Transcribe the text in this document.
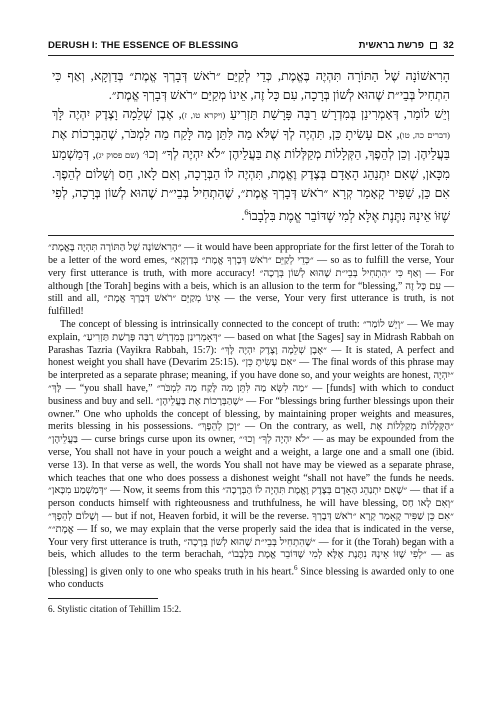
DERUSH I: THE ESSENCE OF BLESSING	פרשת בראשית 32

הָרִאשׁוֹנָה שֶׁל הַתּוֹרָה תִּהְיֶה בֶּאֱמֶת, כְּדֵי לְקַיֵּם ״רֹאשׁ דְּבָרְךָ אֱמֶת״ בְּדַוְקָא, וְאַף כִּי הִתְחִיל בְּבֵי״ת שֶׁהוּא לְשׁוֹן בְּרָכָה, עִם כָּל זֶה, אֵינוֹ מְקַיֵּם ״רֹאשׁ דְּבָרְךָ אֱמֶת״.

וְיֵשׁ לוֹמַר, דְּאָמְרִינַן בְּמִדְרָשׁ רַבָּה פָּרָשַׁת תַּזְרִיעַ (ויקרא טו, ז), אֶבֶן שְׁלֵמָה וָצֶדֶק יִהְיֶה לָּךְ (דברים כה, טו), אִם עָשִׂיתָ כֵּן, תִּהְיֶה לְךָ שֶׁלֹּא מַה לִּתֵּן מַה לָּקַח מַה לִמְכֹּר, שֶׁהַבְּרָכוֹת אֶת בַּעֲלֵיהֶן. וְכֵן לְהֵפֶךְ, הַקְּלָלוֹת מְקַלְּלוֹת אֶת בַּעֲלֵיהֶן ״לֹא יִהְיֶה לְךָ״ וְכוּ׳ (שם פסוק יג), דְּמַשְׁמַע מִכָּאן, שֶׁאִם יִתְנַהֵג הָאָדָם בְּצֶדֶק וֶאֱמֶת, תִּהְיֶה לוֹ הַבְּרָכָה, וְאִם לָאו, חַס וְשָׁלוֹם לְהֵפֶךְ. אִם כֵּן, שַׁפִּיר קָאָמַר קְרָא ״רֹאשׁ דְּבָרְךָ אֱמֶת״, שֶׁהִתְחִיל בְּבֵי״ת שֶׁהוּא לְשׁוֹן בְּרָכָה, לְפִי שֶׁזּוֹ אֵינָהּ נִתֶּנֶת אֶלָּא לְמִי שֶׁדּוֹבֵר אֱמֶת בִּלְבָבוֹ$^6$.

״הָרִאשׁוֹנָה שֶׁל הַתּוֹרָה תִּהְיֶה בֶּאֱמֶת״ — it would have been appropriate for the first letter of the Torah to be a letter of the word emes, ״כְּדֵי לְקַיֵּם ״רֹאשׁ דְּבָרְךָ אֱמֶת״ בְּדַוְקָא״ — so as to fulfill the verse, Your very first utterance is truth, with more accuracy! וְאַף כִּי ״הִתְחִיל בְּבֵי״ת שֶׁהוּא לְשׁוֹן בְּרָכָה״ — For although [the Torah] begins with a beis, which is an allusion to the term for “blessing,” עִם כָּל זֶה — still and all, אֵינוֹ מְקַיֵּם ״רֹאשׁ דְּבָרְךָ אֱמֶת״ — the verse, Your very first utterance is truth, is not fulfilled!

The concept of blessing is intrinsically connected to the concept of truth: ״וְיֵשׁ לוֹמַר״ — We may explain, ״דְּאָמְרִינַן בְּמִדְרָשׁ רַבָּה פָּרָשַׁת תַּזְרִיעַ״ — based on what [the Sages] say in Midrash Rabbah on Parashas Tazria (Vayikra Rabbah, 15:7): ״אֶבֶן שְׁלֵמָה וָצֶדֶק יִהְיֶה לָּךְ״ — It is stated, A perfect and honest weight you shall have (Devarim 25:15). ״אִם עָשִׂיתָ כֵּן״ — The final words of this phrase may be interpreted as a separate phrase; meaning, if you have done so, and your weights are honest, ״יִהְיֶה לָּךְ״ — “you shall have,” ״מַה לִשָּׂא מַה לִּתֵּן מַה לָּקַח מַה לִמְכֹּר״ — [funds] with which to conduct business and buy and sell. ״שֶׁהַבְּרָכוֹת אֶת בַּעֲלֵיהֶן״ — For “blessings bring further blessings upon their owner.” One who upholds the concept of blessing, by maintaining proper weights and measures, merits blessing in his possessions. ״וְכֵן לְהֵפֶךְ״ — On the contrary, as well, ״הַקְּלָלוֹת מְקַלְּלוֹת אֶת בַּעֲלֵיהֶן״ — curse brings curse upon its owner, ״לֹא יִהְיֶה לְךָ״ וְכוּ׳״ — as may be expounded from the verse, You shall not have in your pouch a weight and a weight, a large one and a small one (ibid. verse 13). In that verse as well, the words You shall not have may be viewed as a separate phrase, which teaches that one who does possess a dishonest weight “shall not have” the funds he needs. ״דְּמַשְׁמַע מִכָּאן״ — Now, it seems from this ״שֶׁאִם יִתְנַהֵג הָאָדָם בְּצֶדֶק וֶאֱמֶת תִּהְיֶה לוֹ הַבְּרָכָה״ — that if a person conducts himself with righteousness and truthfulness, he will have blessing, ״וְאִם לָאו חַס וְשָׁלוֹם לְהֵפֶךְ״ — but if not, Heaven forbid, it will be the reverse. ״אִם כֵּן שַׁפִּיר קָאָמַר קְרָא ״רֹאשׁ דְּבָרְךָ אֱמֶת״״ — If so, we may explain that the verse properly said the idea that is indicated in the verse, Your very first utterance is truth, ״שֶׁהִתְחִיל בְּבֵי״ת שֶׁהוּא לְשׁוֹן בְּרָכָה״ — for it (the Torah) began with a beis, which alludes to the term berachah, ״לְפִי שֶׁזּוֹ אֵינָהּ נִתֶּנֶת אֶלָּא לְמִי שֶׁדּוֹבֵר אֱמֶת בִּלְבָבוֹ״ — as [blessing] is given only to one who speaks truth in his heart.$^6$ Since blessing is awarded only to one who conducts

6. Stylistic citation of Tehillim 15:2.
